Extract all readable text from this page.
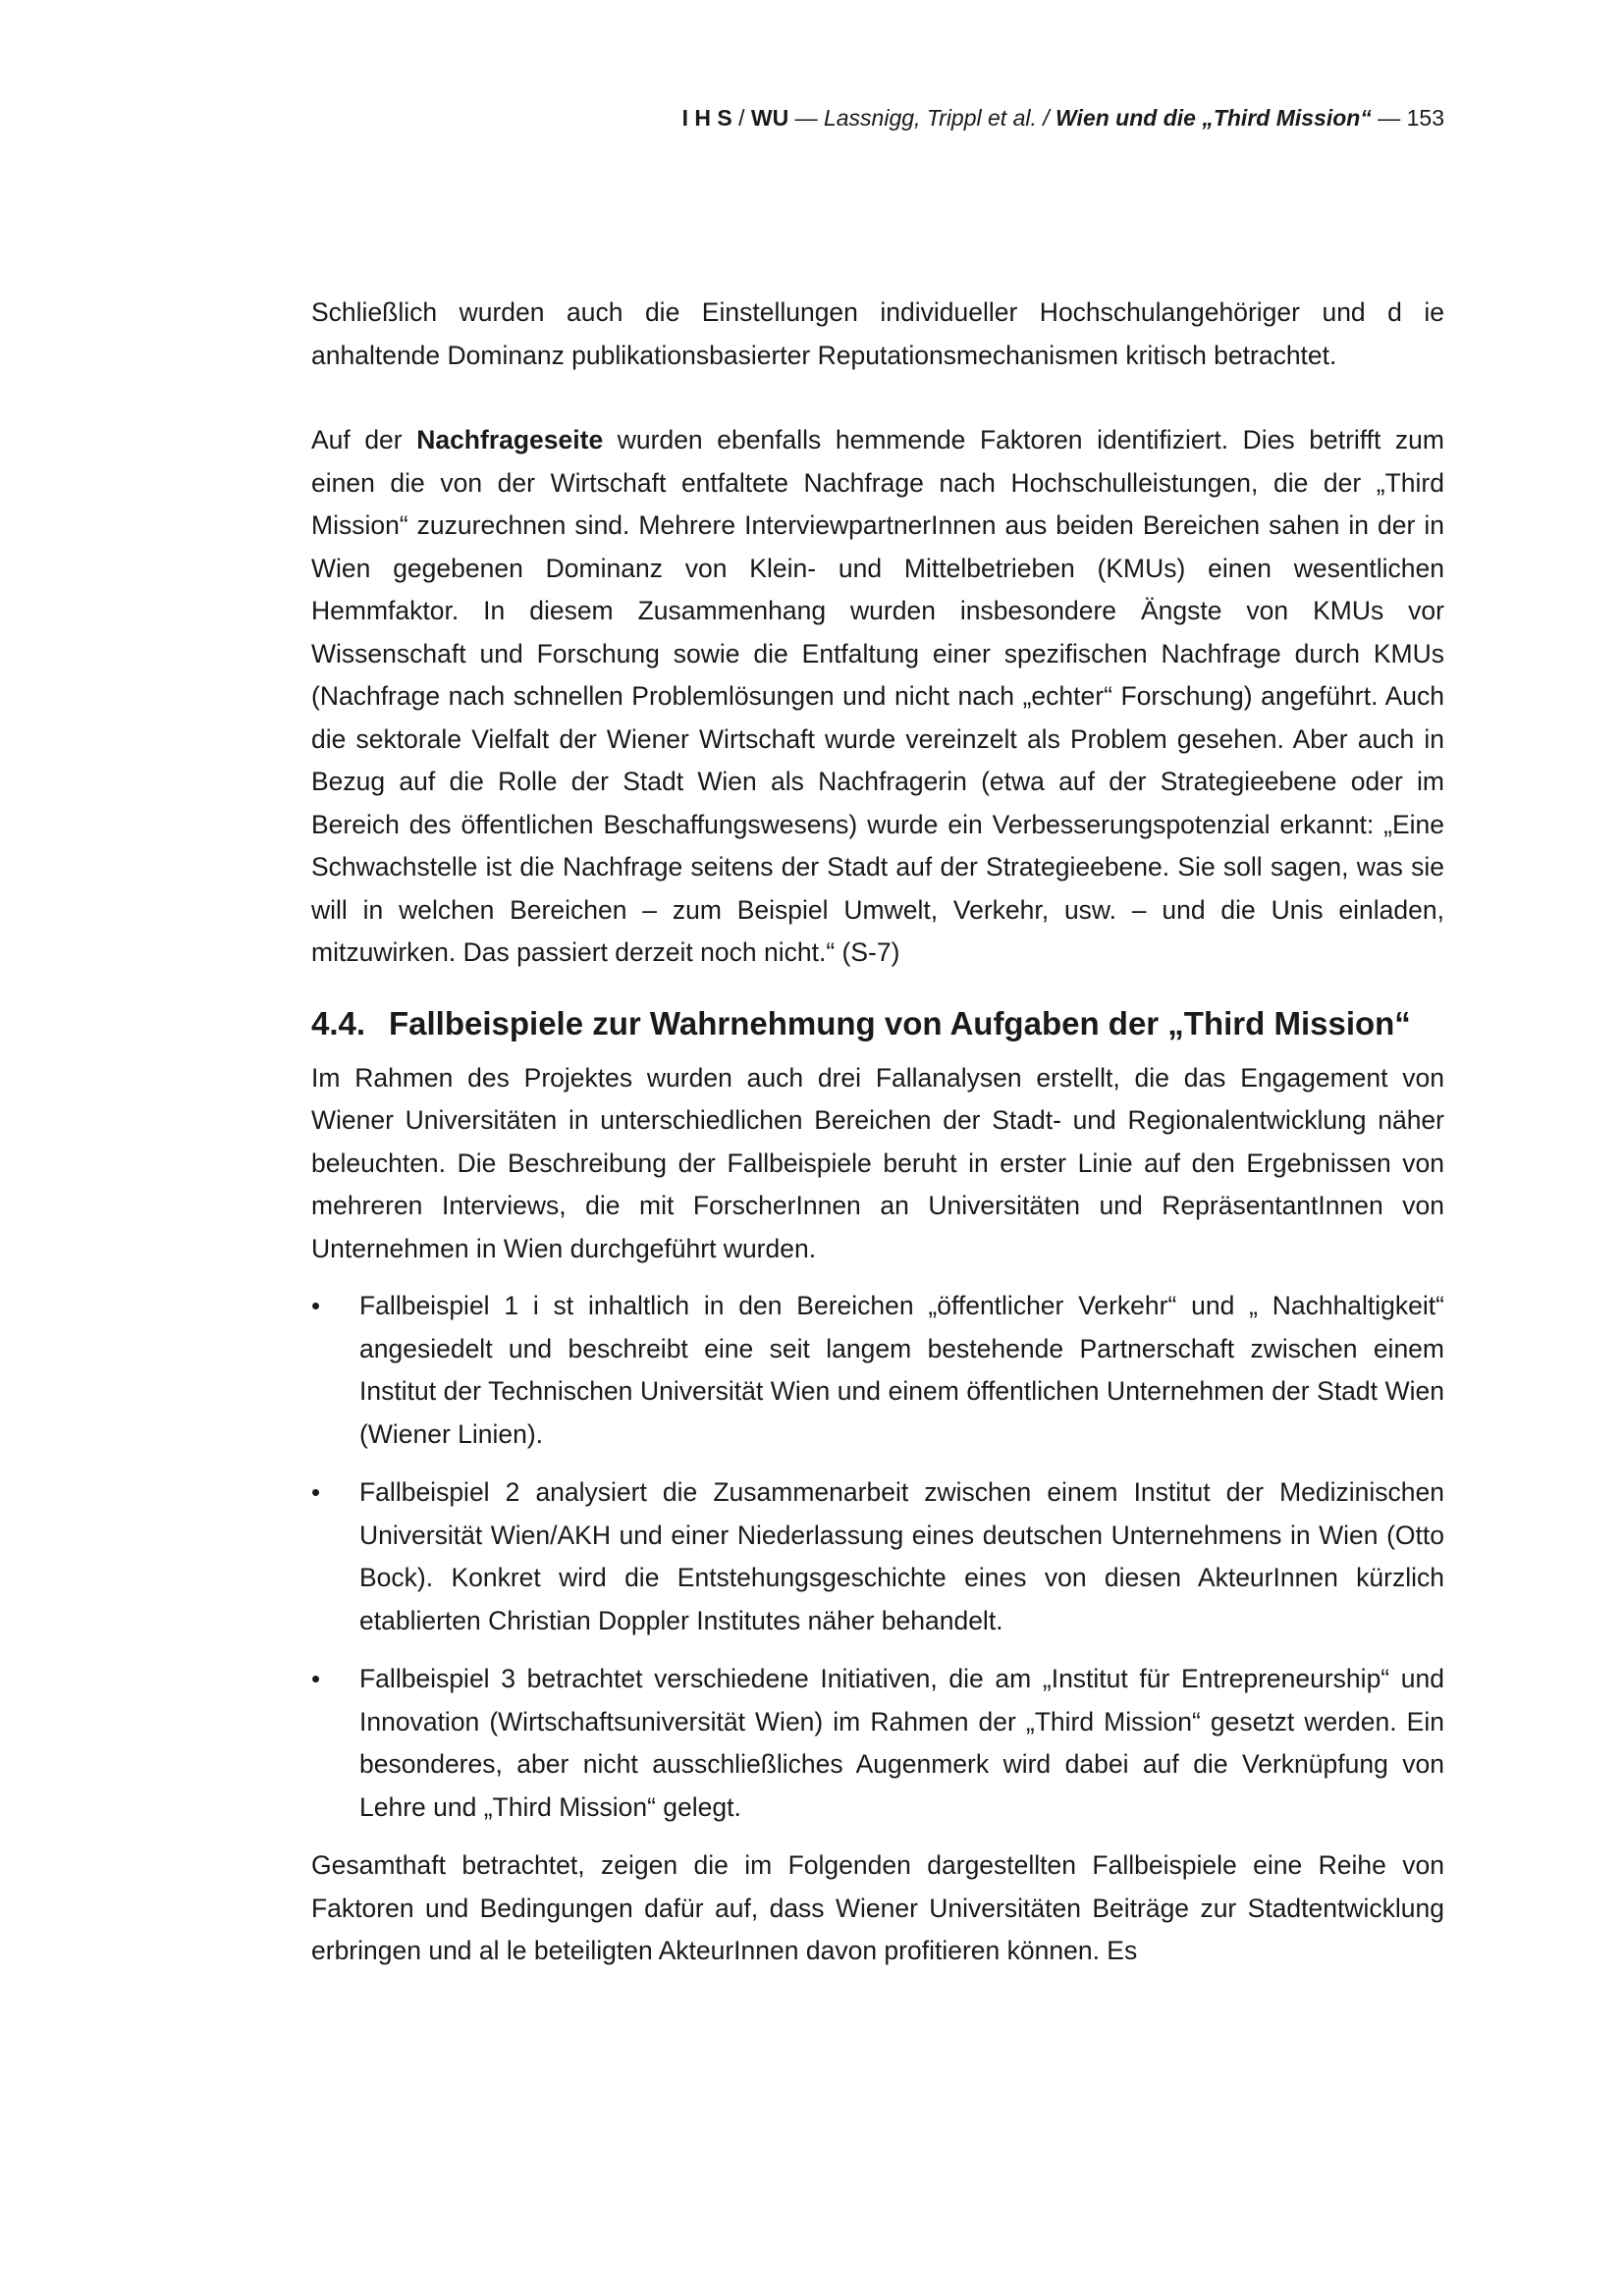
I H S / WU — Lassnigg, Trippl et al. / Wien und die „Third Mission“ — 153

Schließlich wurden auch die Einstellungen individueller Hochschulangehöriger und d ie anhaltende Dominanz publikationsbasierter Reputationsmechanismen kritisch betrachtet.

Auf der Nachfrageseite wurden ebenfalls hemmende Faktoren identifiziert. Dies betrifft zum einen die von der Wirtschaft entfaltete Nachfrage nach Hochschulleistungen, die der „Third Mission“ zuzurechnen sind. Mehrere InterviewpartnerInnen aus beiden Bereichen sahen in der in Wien gegebenen Dominanz von Klein- und Mittelbetrieben (KMUs) einen wesentlichen Hemmfaktor. In diesem Zusammenhang wurden insbesondere Ängste von KMUs vor Wissenschaft und Forschung sowie die Entfaltung einer spezifischen Nachfrage durch KMUs (Nachfrage nach schnellen Problemlösungen und nicht nach „echter“ Forschung) angeführt. Auch die sektorale Vielfalt der Wiener Wirtschaft wurde vereinzelt als Problem gesehen. Aber auch in Bezug auf die Rolle der Stadt Wien als Nachfragerin (etwa auf der Strategieebene oder im Bereich des öffentlichen Beschaffungswesens) wurde ein Verbesserungspotenzial erkannt: „Eine Schwachstelle ist die Nachfrage seitens der Stadt auf der Strategieebene. Sie soll sagen, was sie will in welchen Bereichen – zum Beispiel Umwelt, Verkehr, usw. – und die Unis einladen, mitzuwirken. Das passiert derzeit noch nicht.“ (S-7)

4.4. Fallbeispiele zur Wahrnehmung von Aufgaben der „Third Mission“

Im Rahmen des Projektes wurden auch drei Fallanalysen erstellt, die das Engagement von Wiener Universitäten in unterschiedlichen Bereichen der Stadt- und Regionalentwicklung näher beleuchten. Die Beschreibung der Fallbeispiele beruht in erster Linie auf den Ergebnissen von mehreren Interviews, die mit ForscherInnen an Universitäten und RepräsentantInnen von Unternehmen in Wien durchgeführt wurden.

• Fallbeispiel 1 i st inhaltlich in den Bereichen „öffentlicher Verkehr“ und „ Nachhaltigkeit“ angesiedelt und beschreibt eine seit langem bestehende Partnerschaft zwischen einem Institut der Technischen Universität Wien und einem öffentlichen Unternehmen der Stadt Wien (Wiener Linien).
• Fallbeispiel 2 analysiert die Zusammenarbeit zwischen einem Institut der Medizinischen Universität Wien/AKH und einer Niederlassung eines deutschen Unternehmens in Wien (Otto Bock). Konkret wird die Entstehungsgeschichte eines von diesen AkteurInnen kürzlich etablierten Christian Doppler Institutes näher behandelt.
• Fallbeispiel 3 betrachtet verschiedene Initiativen, die am „Institut für Entrepreneurship“ und Innovation (Wirtschaftsuniversität Wien) im Rahmen der „Third Mission“ gesetzt werden. Ein besonderes, aber nicht ausschließliches Augenmerk wird dabei auf die Verknüpfung von Lehre und „Third Mission“ gelegt.

Gesamthaft betrachtet, zeigen die im Folgenden dargestellten Fallbeispiele eine Reihe von Faktoren und Bedingungen dafür auf, dass Wiener Universitäten Beiträge zur Stadtentwicklung erbringen und al le beteiligten AkteurInnen davon profitieren können. Es
